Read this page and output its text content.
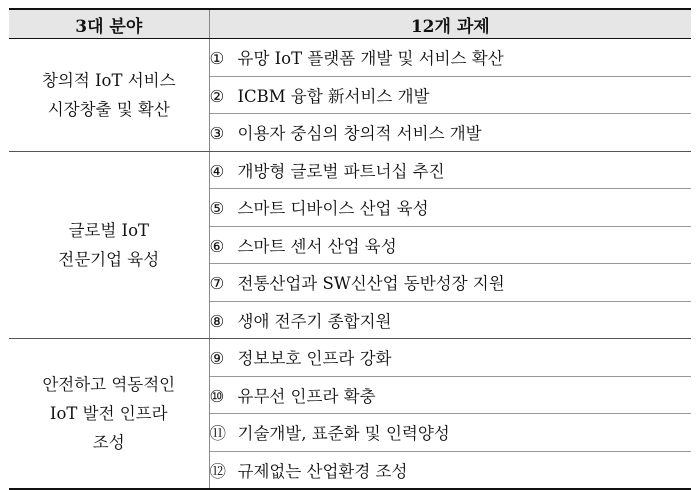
3대 분야	12개 과제

창의적 IoT 서비스
시장창출 및 확산	① 유망 IoT 플랫폼 개발 및 서비스 확산
	② ICBM 융합 新서비스 개발
	③ 이용자 중심의 창의적 서비스 개발

글로벌 IoT
전문기업 육성	④ 개방형 글로벌 파트너십 추진
	⑤ 스마트 디바이스 산업 육성
	⑥ 스마트 센서 산업 육성
	⑦ 전통산업과 SW신산업 동반성장 지원
	⑧ 생애 전주기 종합지원

안전하고 역동적인
IoT 발전 인프라
조성	⑨ 정보보호 인프라 강화
	⑩ 유무선 인프라 확충
	⑪ 기술개발, 표준화 및 인력양성
	⑫ 규제없는 산업환경 조성
